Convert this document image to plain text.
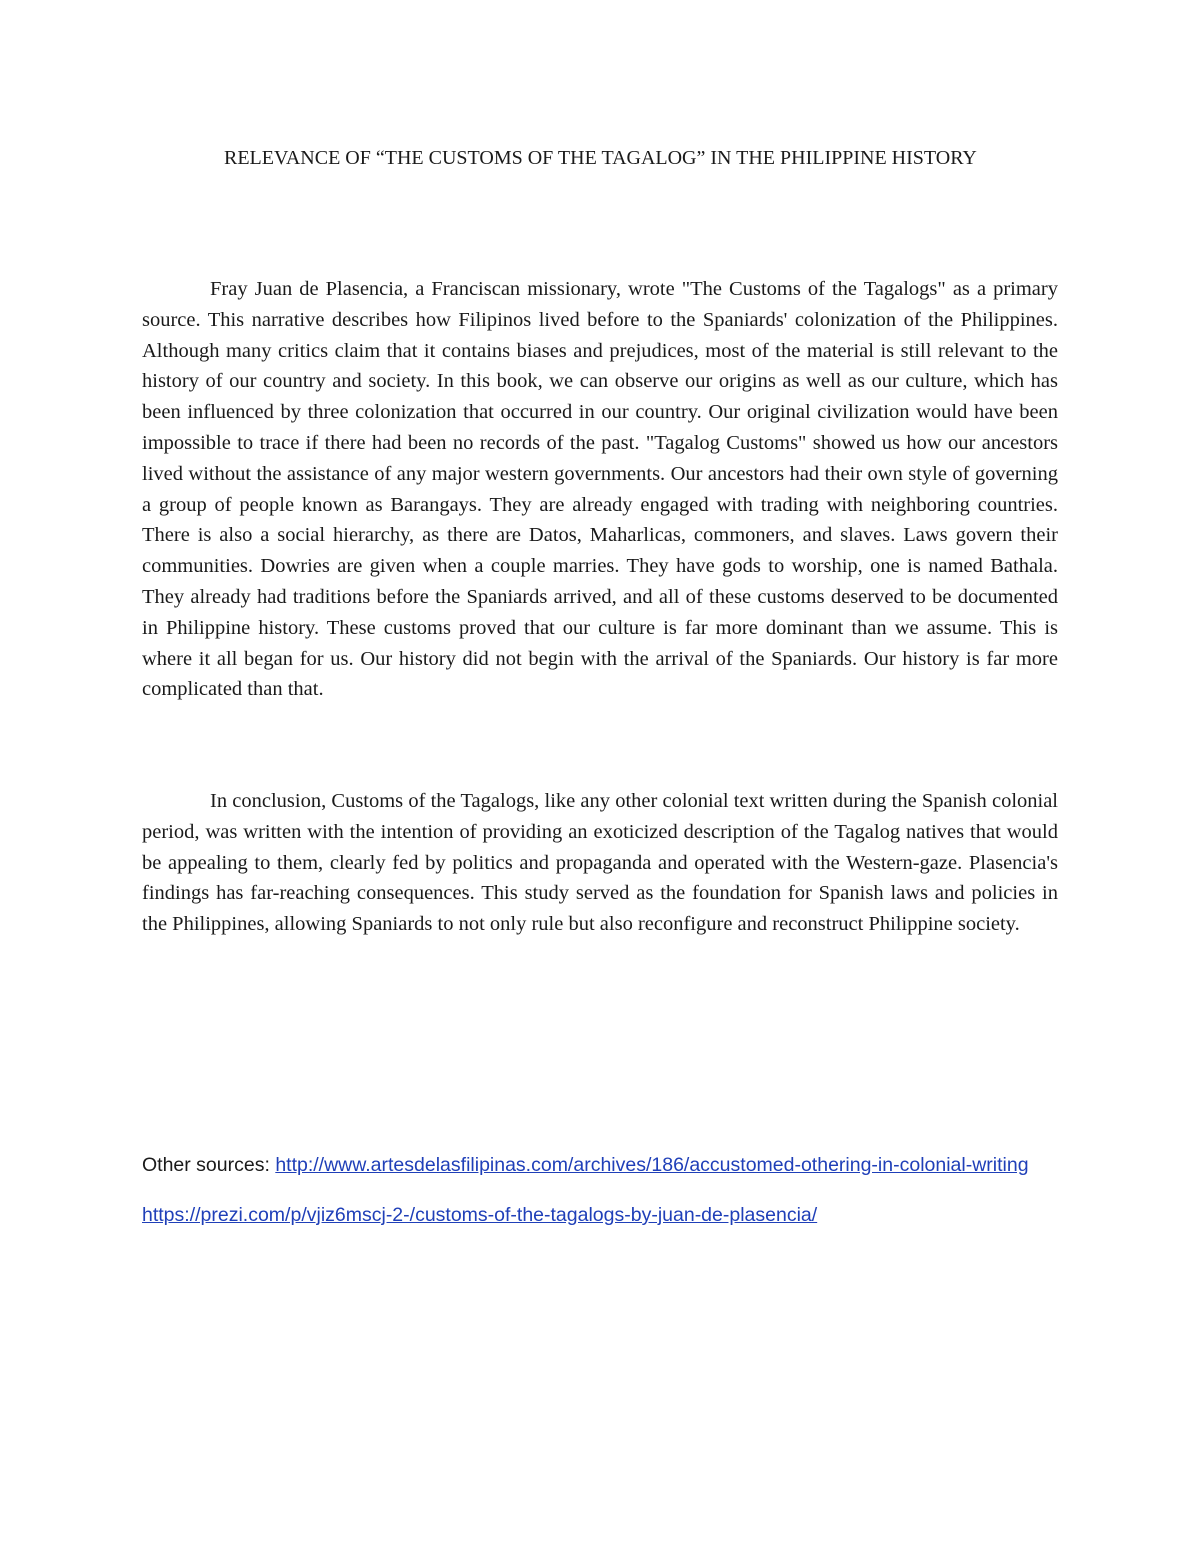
RELEVANCE OF “THE CUSTOMS OF THE TAGALOG” IN THE PHILIPPINE HISTORY

Fray Juan de Plasencia, a Franciscan missionary, wrote "The Customs of the Tagalogs" as a primary source. This narrative describes how Filipinos lived before to the Spaniards' colonization of the Philippines. Although many critics claim that it contains biases and prejudices, most of the material is still relevant to the history of our country and society. In this book, we can observe our origins as well as our culture, which has been influenced by three colonization that occurred in our country. Our original civilization would have been impossible to trace if there had been no records of the past. "Tagalog Customs" showed us how our ancestors lived without the assistance of any major western governments. Our ancestors had their own style of governing a group of people known as Barangays. They are already engaged with trading with neighboring countries. There is also a social hierarchy, as there are Datos, Maharlicas, commoners, and slaves. Laws govern their communities. Dowries are given when a couple marries. They have gods to worship, one is named Bathala. They already had traditions before the Spaniards arrived, and all of these customs deserved to be documented in Philippine history. These customs proved that our culture is far more dominant than we assume. This is where it all began for us. Our history did not begin with the arrival of the Spaniards. Our history is far more complicated than that.

In conclusion, Customs of the Tagalogs, like any other colonial text written during the Spanish colonial period, was written with the intention of providing an exoticized description of the Tagalog natives that would be appealing to them, clearly fed by politics and propaganda and operated with the Western-gaze. Plasencia's findings has far-reaching consequences. This study served as the foundation for Spanish laws and policies in the Philippines, allowing Spaniards to not only rule but also reconfigure and reconstruct Philippine society.

Other sources: http://www.artesdelasfilipinas.com/archives/186/accustomed-othering-in-colonial-writing https://prezi.com/p/vjiz6mscj-2-/customs-of-the-tagalogs-by-juan-de-plasencia/
